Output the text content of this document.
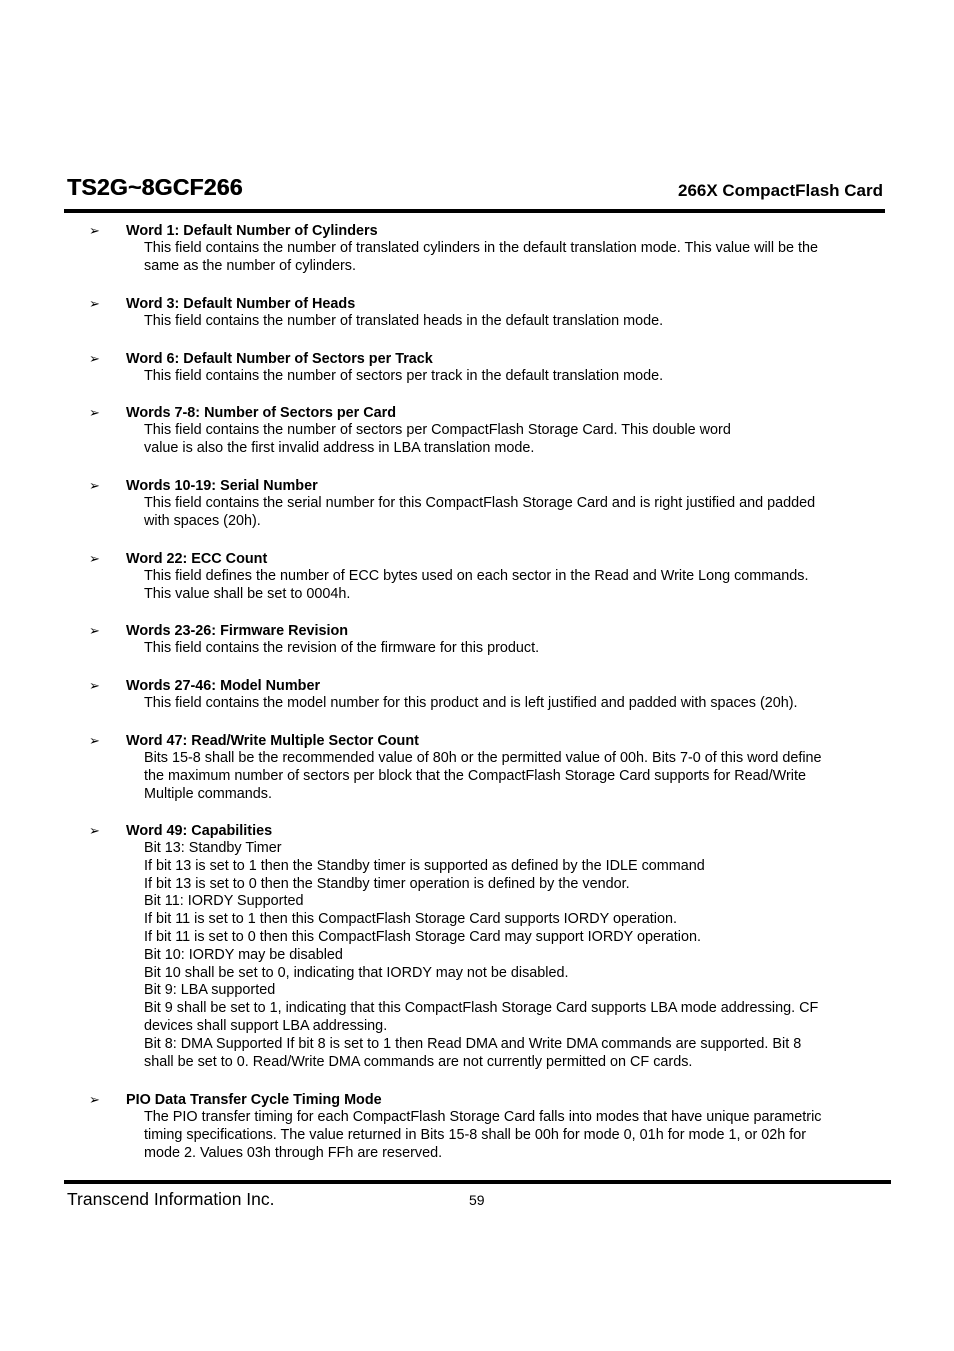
TS2G~8GCF266	266X CompactFlash Card
➢ Word 1: Default Number of Cylinders
This field contains the number of translated cylinders in the default translation mode. This value will be the
same as the number of cylinders.
➢ Word 3: Default Number of Heads
This field contains the number of translated heads in the default translation mode.
➢ Word 6: Default Number of Sectors per Track
This field contains the number of sectors per track in the default translation mode.
➢ Words 7-8: Number of Sectors per Card
This field contains the number of sectors per CompactFlash Storage Card. This double word
value is also the first invalid address in LBA translation mode.
➢ Words 10-19: Serial Number
This field contains the serial number for this CompactFlash Storage Card and is right justified and padded
with spaces (20h).
➢ Word 22: ECC Count
This field defines the number of ECC bytes used on each sector in the Read and Write Long commands.
This value shall be set to 0004h.
➢ Words 23-26: Firmware Revision
This field contains the revision of the firmware for this product.
➢ Words 27-46: Model Number
This field contains the model number for this product and is left justified and padded with spaces (20h).
➢ Word 47: Read/Write Multiple Sector Count
Bits 15-8 shall be the recommended value of 80h or the permitted value of 00h. Bits 7-0 of this word define
the maximum number of sectors per block that the CompactFlash Storage Card supports for Read/Write
Multiple commands.
➢ Word 49: Capabilities
Bit 13: Standby Timer
If bit 13 is set to 1 then the Standby timer is supported as defined by the IDLE command
If bit 13 is set to 0 then the Standby timer operation is defined by the vendor.
Bit 11: IORDY Supported
If bit 11 is set to 1 then this CompactFlash Storage Card supports IORDY operation.
If bit 11 is set to 0 then this CompactFlash Storage Card may support IORDY operation.
Bit 10: IORDY may be disabled
Bit 10 shall be set to 0, indicating that IORDY may not be disabled.
Bit 9: LBA supported
Bit 9 shall be set to 1, indicating that this CompactFlash Storage Card supports LBA mode addressing. CF
devices shall support LBA addressing.
Bit 8: DMA Supported If bit 8 is set to 1 then Read DMA and Write DMA commands are supported. Bit 8
shall be set to 0. Read/Write DMA commands are not currently permitted on CF cards.
➢ PIO Data Transfer Cycle Timing Mode
The PIO transfer timing for each CompactFlash Storage Card falls into modes that have unique parametric
timing specifications. The value returned in Bits 15-8 shall be 00h for mode 0, 01h for mode 1, or 02h for
mode 2. Values 03h through FFh are reserved.
Transcend Information Inc.	59
